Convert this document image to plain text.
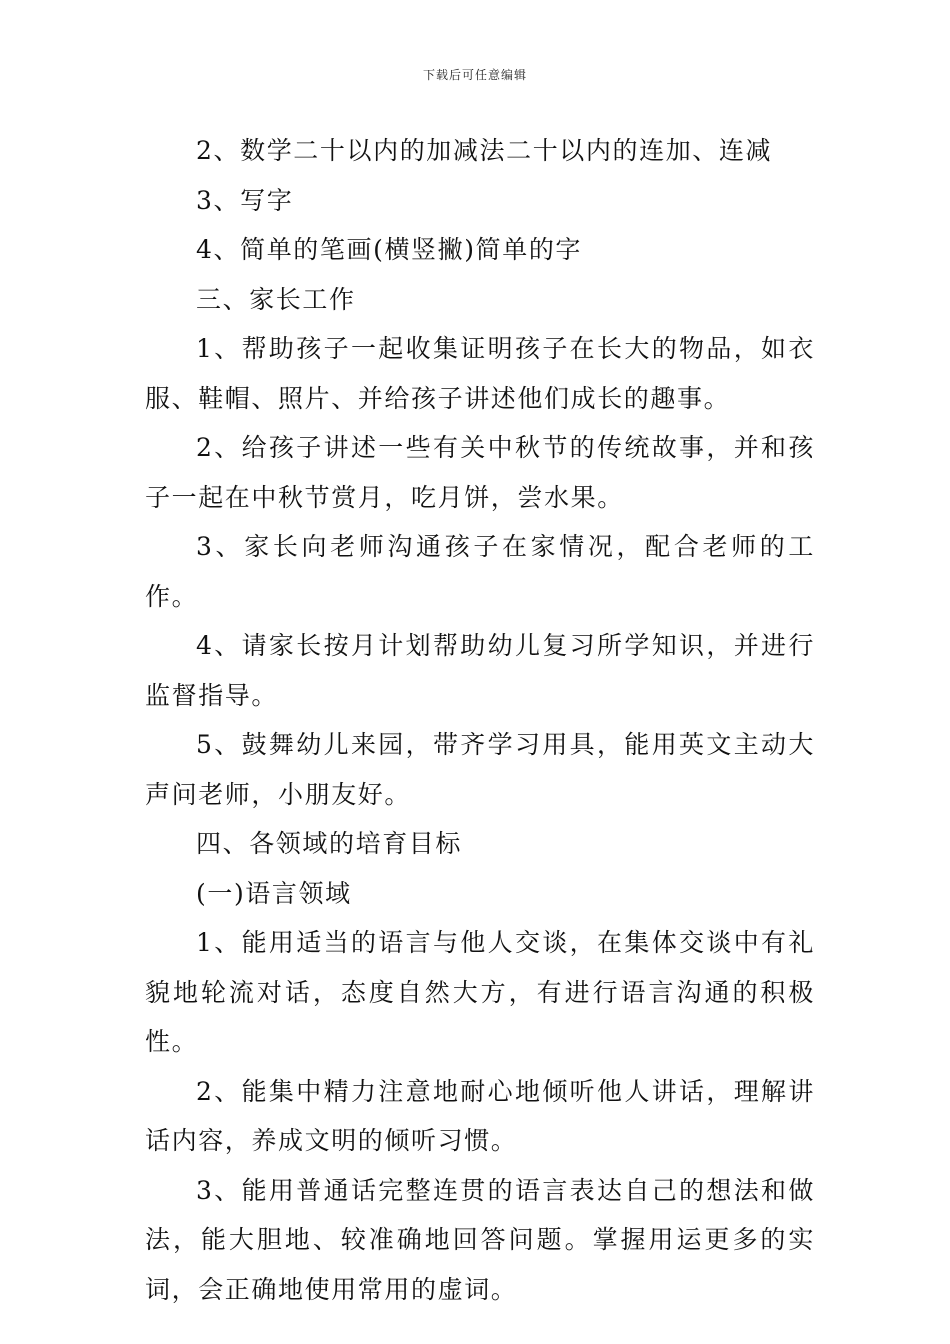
下载后可任意编辑

2、数学二十以内的加减法二十以内的连加、连减

3、写字

4、简单的笔画(横竖撇)简单的字

三、家长工作

1、帮助孩子一起收集证明孩子在长大的物品，如衣服、鞋帽、照片、并给孩子讲述他们成长的趣事。

2、给孩子讲述一些有关中秋节的传统故事，并和孩子一起在中秋节赏月，吃月饼，尝水果。

3、家长向老师沟通孩子在家情况，配合老师的工作。

4、请家长按月计划帮助幼儿复习所学知识，并进行监督指导。

5、鼓舞幼儿来园，带齐学习用具，能用英文主动大声问老师，小朋友好。

四、各领域的培育目标

(一)语言领域

1、能用适当的语言与他人交谈，在集体交谈中有礼貌地轮流对话，态度自然大方，有进行语言沟通的积极性。

2、能集中精力注意地耐心地倾听他人讲话，理解讲话内容，养成文明的倾听习惯。

3、能用普通话完整连贯的语言表达自己的想法和做法，能大胆地、较准确地回答问题。掌握用运更多的实词，会正确地使用常用的虚词。
